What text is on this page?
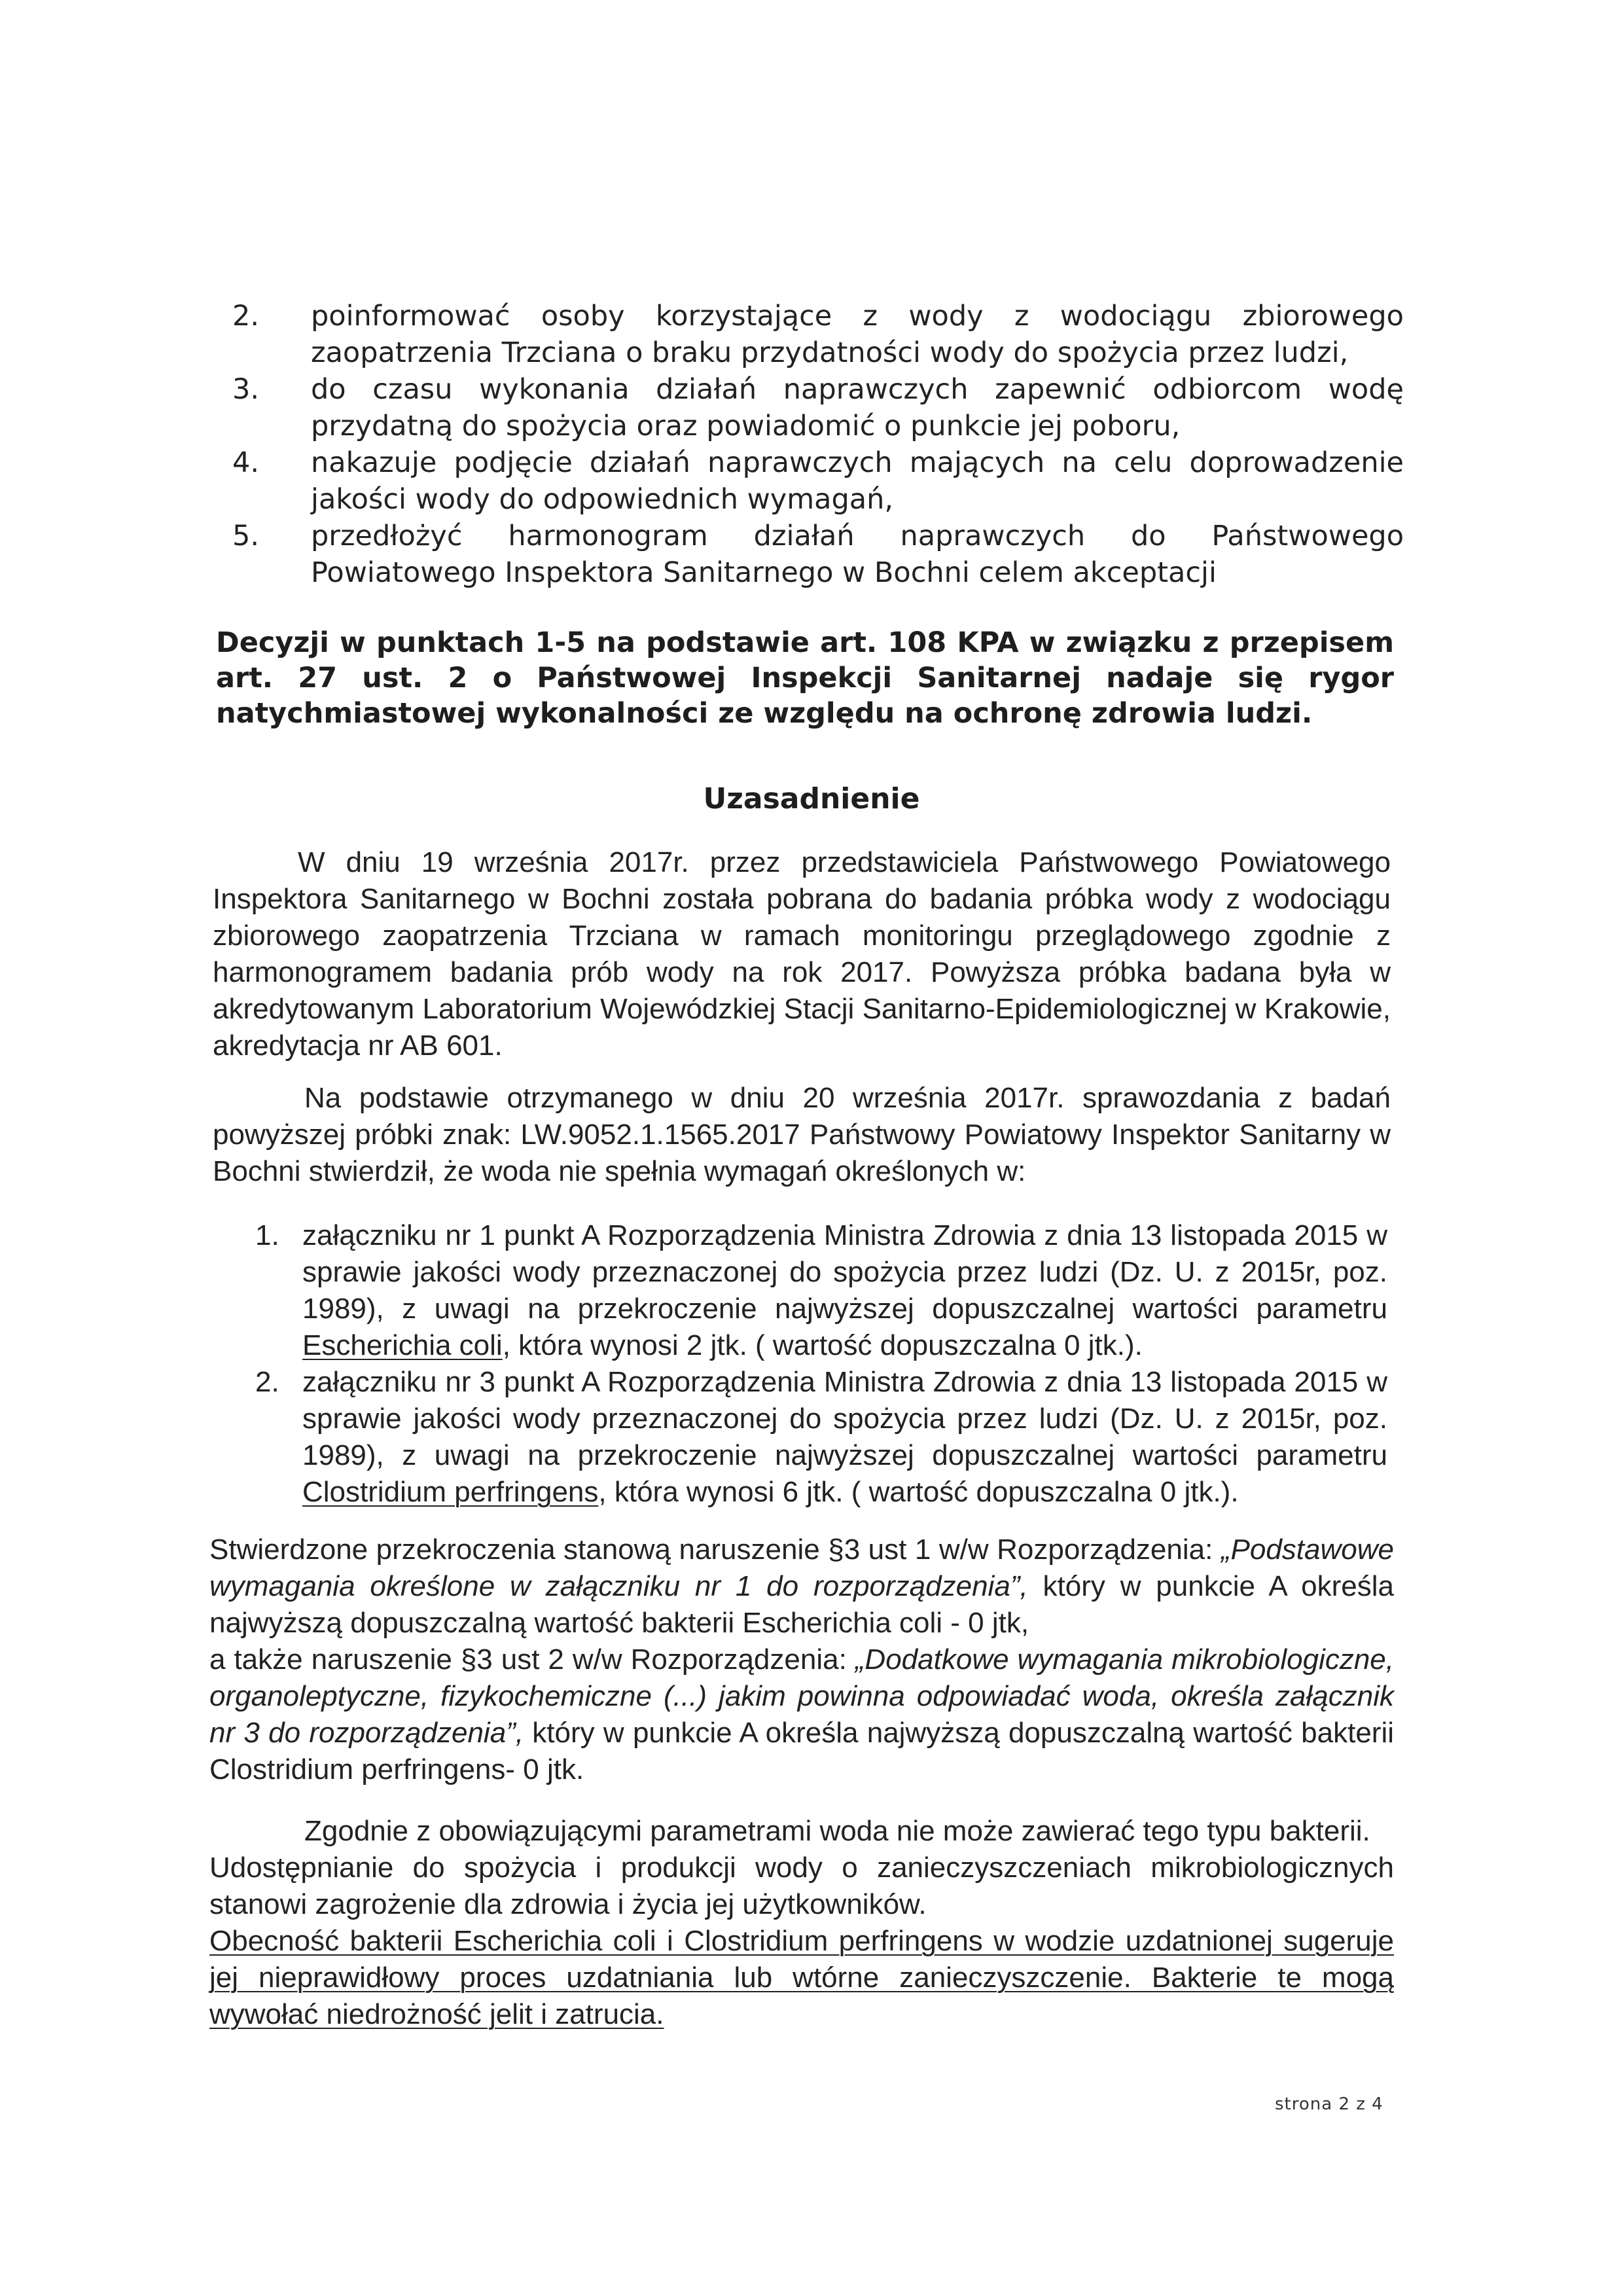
2.	poinformować osoby korzystające z wody z wodociągu zbiorowego zaopatrzenia Trzciana o braku przydatności wody do spożycia przez ludzi,
3.	do czasu wykonania działań naprawczych zapewnić odbiorcom wodę przydatną do spożycia oraz powiadomić o punkcie jej poboru,
4.	nakazuje podjęcie działań naprawczych mających na celu doprowadzenie jakości wody do odpowiednich wymagań,
5.	przedłożyć harmonogram działań naprawczych do Państwowego Powiatowego Inspektora Sanitarnego w Bochni celem akceptacji
Decyzji w punktach 1-5 na podstawie art. 108 KPA w związku z przepisem art. 27 ust. 2 o Państwowej Inspekcji Sanitarnej nadaje się rygor natychmiastowej wykonalności ze względu na ochronę zdrowia ludzi.
Uzasadnienie
W dniu 19 września 2017r. przez przedstawiciela Państwowego Powiatowego Inspektora Sanitarnego w Bochni została pobrana do badania próbka wody z wodociągu zbiorowego zaopatrzenia Trzciana w ramach monitoringu przeglądowego zgodnie z harmonogramem badania prób wody na rok 2017. Powyższa próbka badana była w akredytowanym Laboratorium Wojewódzkiej Stacji Sanitarno-Epidemiologicznej w Krakowie, akredytacja nr AB 601.
Na podstawie otrzymanego w dniu 20 września 2017r. sprawozdania z badań powyższej próbki znak: LW.9052.1.1565.2017 Państwowy Powiatowy Inspektor Sanitarny w Bochni stwierdził, że woda nie spełnia wymagań określonych w:
1. załączniku nr 1 punkt A Rozporządzenia Ministra Zdrowia z dnia 13 listopada 2015 w sprawie jakości wody przeznaczonej do spożycia przez ludzi (Dz. U. z 2015r, poz. 1989), z uwagi na przekroczenie najwyższej dopuszczalnej wartości parametru Escherichia coli, która wynosi 2 jtk. ( wartość dopuszczalna 0 jtk.).
2. załączniku nr 3 punkt A Rozporządzenia Ministra Zdrowia z dnia 13 listopada 2015 w sprawie jakości wody przeznaczonej do spożycia przez ludzi (Dz. U. z 2015r, poz. 1989), z uwagi na przekroczenie najwyższej dopuszczalnej wartości parametru Clostridium perfringens, która wynosi 6 jtk. ( wartość dopuszczalna 0 jtk.).
Stwierdzone przekroczenia stanową naruszenie §3 ust 1 w/w Rozporządzenia: „Podstawowe wymagania określone w załączniku nr 1 do rozporządzenia”, który w punkcie A określa najwyższą dopuszczalną wartość bakterii Escherichia coli - 0 jtk,
a także naruszenie §3 ust 2 w/w Rozporządzenia: „Dodatkowe wymagania mikrobiologiczne, organoleptyczne, fizykochemiczne (...) jakim powinna odpowiadać woda, określa załącznik nr 3 do rozporządzenia”, który w punkcie A określa najwyższą dopuszczalną wartość bakterii Clostridium perfringens- 0 jtk.
Zgodnie z obowiązującymi parametrami woda nie może zawierać tego typu bakterii.
Udostępnianie do spożycia i produkcji wody o zanieczyszczeniach mikrobiologicznych stanowi zagrożenie dla zdrowia i życia jej użytkowników.
Obecność bakterii Escherichia coli i Clostridium perfringens w wodzie uzdatnionej sugeruje jej nieprawidłowy proces uzdatniania lub wtórne zanieczyszczenie. Bakterie te mogą wywołać niedrożność jelit i zatrucia.
strona 2 z 4
